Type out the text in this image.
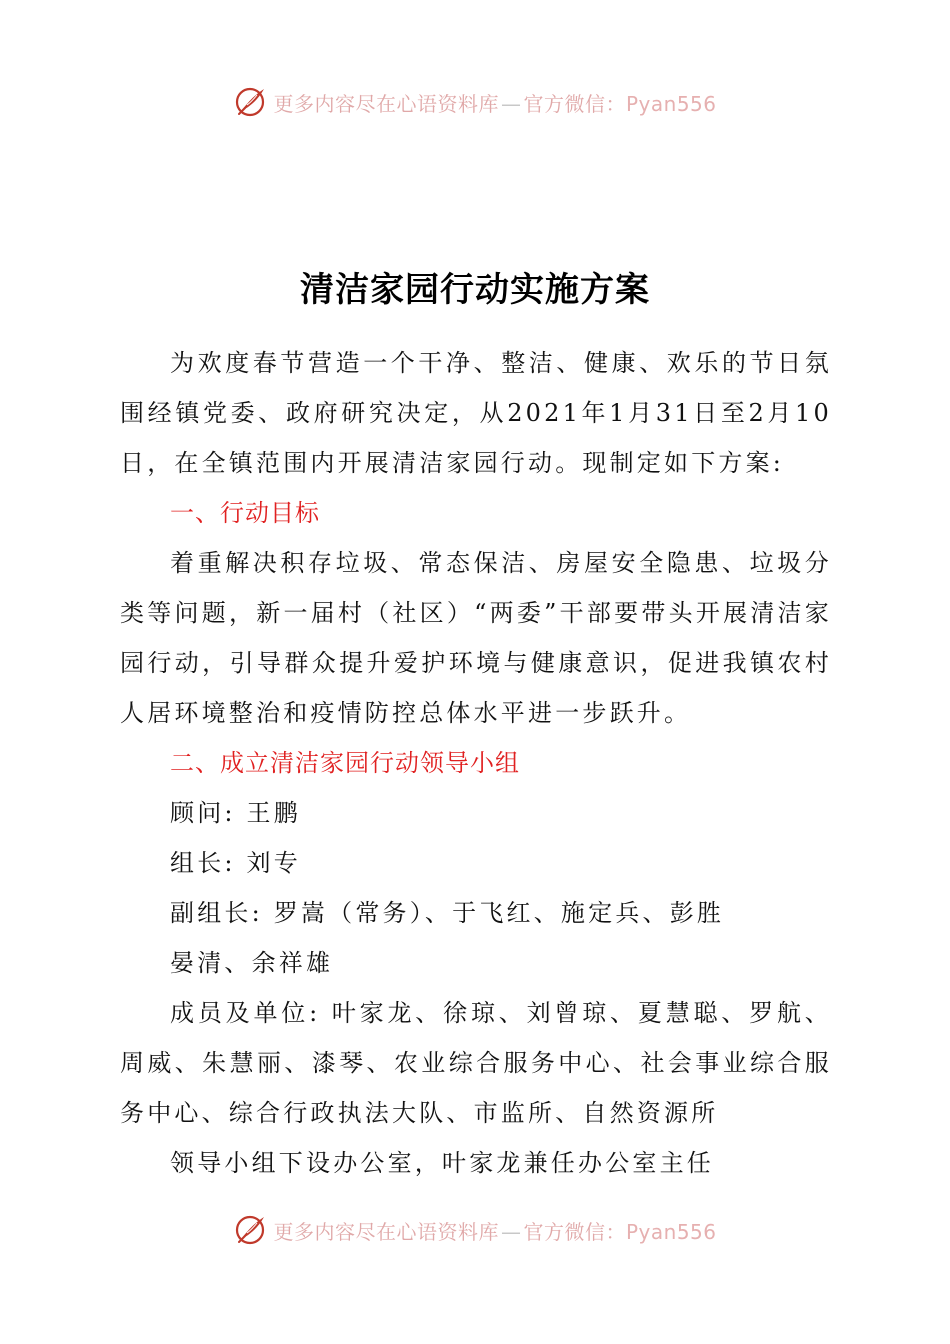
更多内容尽在心语资料库 — 官方微信：Pyan556
清洁家园行动实施方案

为欢度春节营造一个干净、整洁、健康、欢乐的节日氛围经镇党委、政府研究决定，从2021年1月31日至2月10日，在全镇范围内开展清洁家园行动。现制定如下方案:

一、行动目标

着重解决积存垃圾、常态保洁、房屋安全隐患、垃圾分类等问题，新一届村（社区）“两委”干部要带头开展清洁家园行动，引导群众提升爱护环境与健康意识，促进我镇农村人居环境整治和疫情防控总体水平进一步跃升。

二、成立清洁家园行动领导小组

顾问: 王鹏

组长: 刘专

副组长: 罗嵩（常务）、于飞红、施定兵、彭胜

晏清、余祥雄

成员及单位: 叶家龙、徐琼、刘曾琼、夏慧聪、罗航、周威、朱慧丽、漆琴、农业综合服务中心、社会事业综合服务中心、综合行政执法大队、市监所、自然资源所

领导小组下设办公室，叶家龙兼任办公室主任

更多内容尽在心语资料库 — 官方微信：Pyan556
